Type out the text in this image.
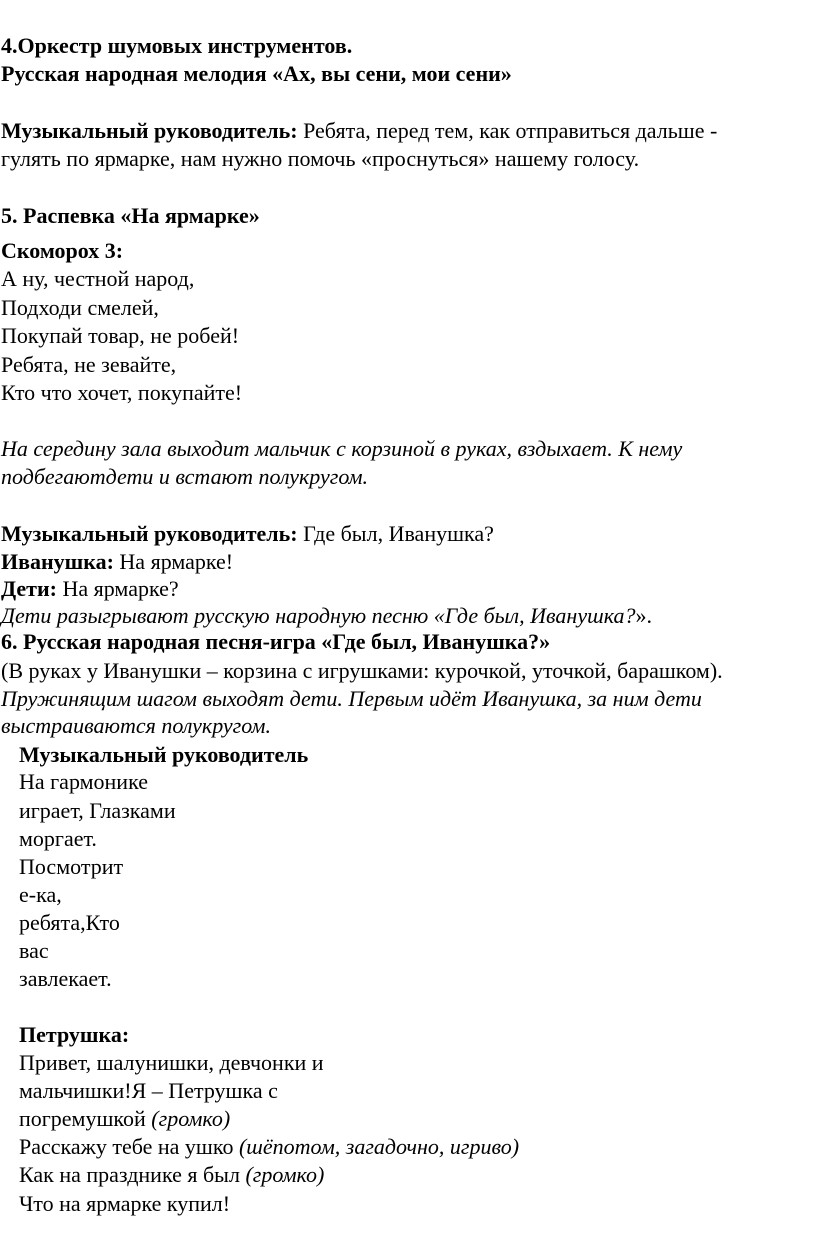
4.Оркестр шумовых инструментов.
Русская народная мелодия «Ах, вы сени, мои сени»
Музыкальный руководитель: Ребята, перед тем, как отправиться дальше -
гулять по ярмарке, нам нужно помочь «проснуться» нашему голосу.
5. Распевка «На ярмарке»
Скоморох 3:
А ну, честной народ,
Подходи смелей,
Покупай товар, не робей!
Ребята, не зевайте,
Кто что хочет, покупайте!
На середину зала выходит мальчик с корзиной в руках, вздыхает. К нему
подбегаютдети и встают полукругом.
Музыкальный руководитель: Где был, Иванушка?
Иванушка: На ярмарке!
Дети: На ярмарке?
Дети разыгрывают русскую народную песню «Где был, Иванушка?».
6. Русская народная песня-игра «Где был, Иванушка?»
(В руках у Иванушки – корзина с игрушками: курочкой, уточкой, барашком).
Пружинящим шагом выходят дети. Первым идёт Иванушка, за ним дети
выстраиваются полукругом.
Музыкальный руководитель
На гармонике
играет, Глазками
моргает.
Посмотрит
е-ка,
ребята,Кто
вас
завлекает.
Петрушка:
Привет, шалунишки, девчонки и
мальчишки!Я – Петрушка с
погремушкой (громко)
Расскажу тебе на ушко (шёпотом, загадочно, игриво)
Как на празднике я был (громко)
Что на ярмарке купил!
